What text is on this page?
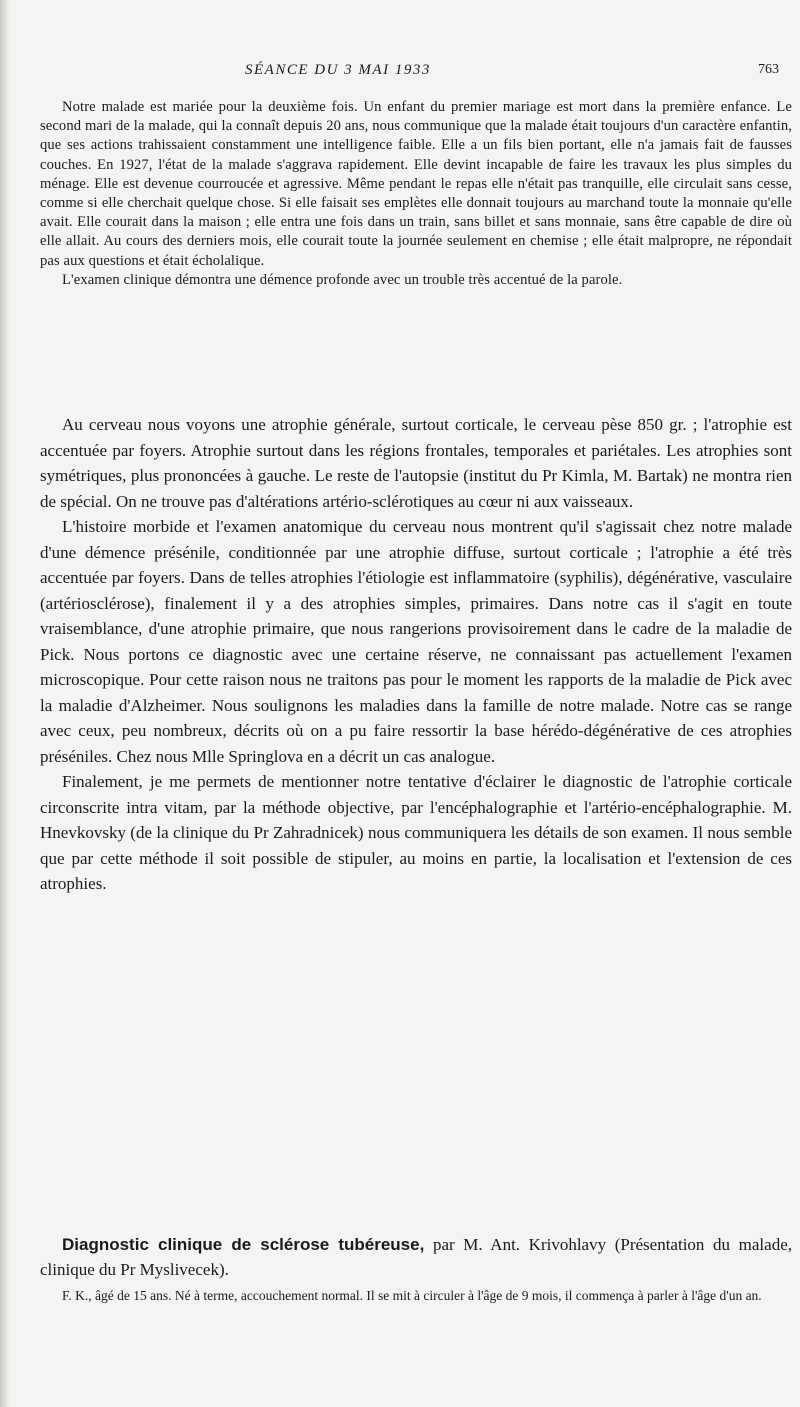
SÉANCE DU 3 MAI 1933	763

Notre malade est mariée pour la deuxième fois. Un enfant du premier mariage est mort dans la première enfance. Le second mari de la malade, qui la connaît depuis 20 ans, nous communique que la malade était toujours d'un caractère enfantin, que ses actions trahissaient constamment une intelligence faible. Elle a un fils bien portant, elle n'a jamais fait de fausses couches. En 1927, l'état de la malade s'aggrava rapidement. Elle devint incapable de faire les travaux les plus simples du ménage. Elle est devenue courroucée et agressive. Même pendant le repas elle n'était pas tranquille, elle circulait sans cesse, comme si elle cherchait quelque chose. Si elle faisait ses emplètes elle donnait toujours au marchand toute la monnaie qu'elle avait. Elle courait dans la maison ; elle entra une fois dans un train, sans billet et sans monnaie, sans être capable de dire où elle allait. Au cours des derniers mois, elle courait toute la journée seulement en chemise ; elle était malpropre, ne répondait pas aux questions et était écholalique.

L'examen clinique démontra une démence profonde avec un trouble très accentué de la parole.

Au cerveau nous voyons une atrophie générale, surtout corticale, le cerveau pèse 850 gr. ; l'atrophie est accentuée par foyers. Atrophie surtout dans les régions frontales, temporales et pariétales. Les atrophies sont symétriques, plus prononcées à gauche. Le reste de l'autopsie (institut du Pr Kimla, M. Bartak) ne montra rien de spécial. On ne trouve pas d'altérations artério-sclérotiques au cœur ni aux vaisseaux.

L'histoire morbide et l'examen anatomique du cerveau nous montrent qu'il s'agissait chez notre malade d'une démence présénile, conditionnée par une atrophie diffuse, surtout corticale ; l'atrophie a été très accentuée par foyers. Dans de telles atrophies l'étiologie est inflammatoire (syphilis), dégénérative, vasculaire (artériosclérose), finalement il y a des atrophies simples, primaires. Dans notre cas il s'agit en toute vraisemblance, d'une atrophie primaire, que nous rangerions provisoirement dans le cadre de la maladie de Pick. Nous portons ce diagnostic avec une certaine réserve, ne connaissant pas actuellement l'examen microscopique. Pour cette raison nous ne traitons pas pour le moment les rapports de la maladie de Pick avec la maladie d'Alzheimer. Nous soulignons les maladies dans la famille de notre malade. Notre cas se range avec ceux, peu nombreux, décrits où on a pu faire ressortir la base hérédo-dégénérative de ces atrophies préséniles. Chez nous Mlle Springlova en a décrit un cas analogue.

Finalement, je me permets de mentionner notre tentative d'éclairer le diagnostic de l'atrophie corticale circonscrite intra vitam, par la méthode objective, par l'encéphalographie et l'artério-encéphalographie. M. Hnevkovsky (de la clinique du Pr Zahradnicek) nous communiquera les détails de son examen. Il nous semble que par cette méthode il soit possible de stipuler, au moins en partie, la localisation et l'extension de ces atrophies.

Diagnostic clinique de sclérose tubéreuse, par M. Ant. Krivohlavy (Présentation du malade, clinique du Pr Myslivecek).

F. K., âgé de 15 ans. Né à terme, accouchement normal. Il se mit à circuler à l'âge de 9 mois, il commença à parler à l'âge d'un an.
